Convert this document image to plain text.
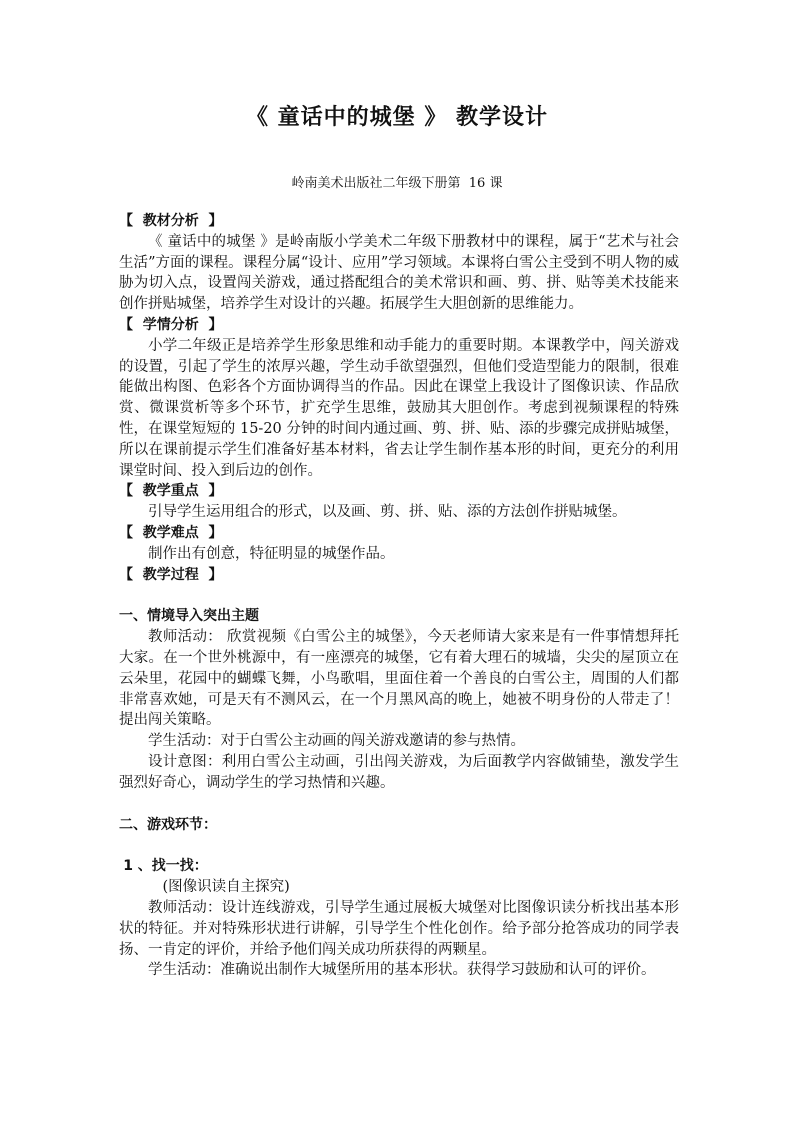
《 童话中的城堡 》 教学设计
岭南美术出版社二年级下册第  16 课

【  教材分析  】

《 童话中的城堡 》是岭南版小学美术二年级下册教材中的课程，属于“艺术与社会生活”方面的课程。课程分属“设计、应用”学习领域。本课将白雪公主受到不明人物的威胁为切入点，设置闯关游戏，通过搭配组合的美术常识和画、剪、拼、贴等美术技能来创作拼贴城堡，培养学生对设计的兴趣。拓展学生大胆创新的思维能力。

【  学情分析  】

小学二年级正是培养学生形象思维和动手能力的重要时期。本课教学中，闯关游戏的设置，引起了学生的浓厚兴趣，学生动手欲望强烈，但他们受造型能力的限制，很难能做出构图、色彩各个方面协调得当的作品。因此在课堂上我设计了图像识读、作品欣赏、微课赏析等多个环节，扩充学生思维，鼓励其大胆创作。考虑到视频课程的特殊性，在课堂短短的 15-20 分钟的时间内通过画、剪、拼、贴、添的步骤完成拼贴城堡，所以在课前提示学生们准备好基本材料，省去让学生制作基本形的时间，更充分的利用课堂时间、投入到后边的创作。

【  教学重点  】

引导学生运用组合的形式，以及画、剪、拼、贴、添的方法创作拼贴城堡。

【  教学难点  】

制作出有创意，特征明显的城堡作品。

【  教学过程  】

一、情境导入突出主题

教师活动： 欣赏视频《白雪公主的城堡》，今天老师请大家来是有一件事情想拜托大家。在一个世外桃源中，有一座漂亮的城堡，它有着大理石的城墙，尖尖的屋顶立在云朵里，花园中的蝴蝶飞舞，小鸟歌唱，里面住着一个善良的白雪公主，周围的人们都非常喜欢她，可是天有不测风云，在一个月黑风高的晚上，她被不明身份的人带走了！ 提出闯关策略。

学生活动：对于白雪公主动画的闯关游戏邀请的参与热情。

设计意图：利用白雪公主动画，引出闯关游戏，为后面教学内容做铺垫，激发学生强烈好奇心，调动学生的学习热情和兴趣。

二、游戏环节：

1 、找一找：

(图像识读自主探究)

教师活动：设计连线游戏，引导学生通过展板大城堡对比图像识读分析找出基本形状的特征。并对特殊形状进行讲解，引导学生个性化创作。给予部分抢答成功的同学表扬、一肯定的评价，并给予他们闯关成功所获得的两颗星。

学生活动：准确说出制作大城堡所用的基本形状。获得学习鼓励和认可的评价。
